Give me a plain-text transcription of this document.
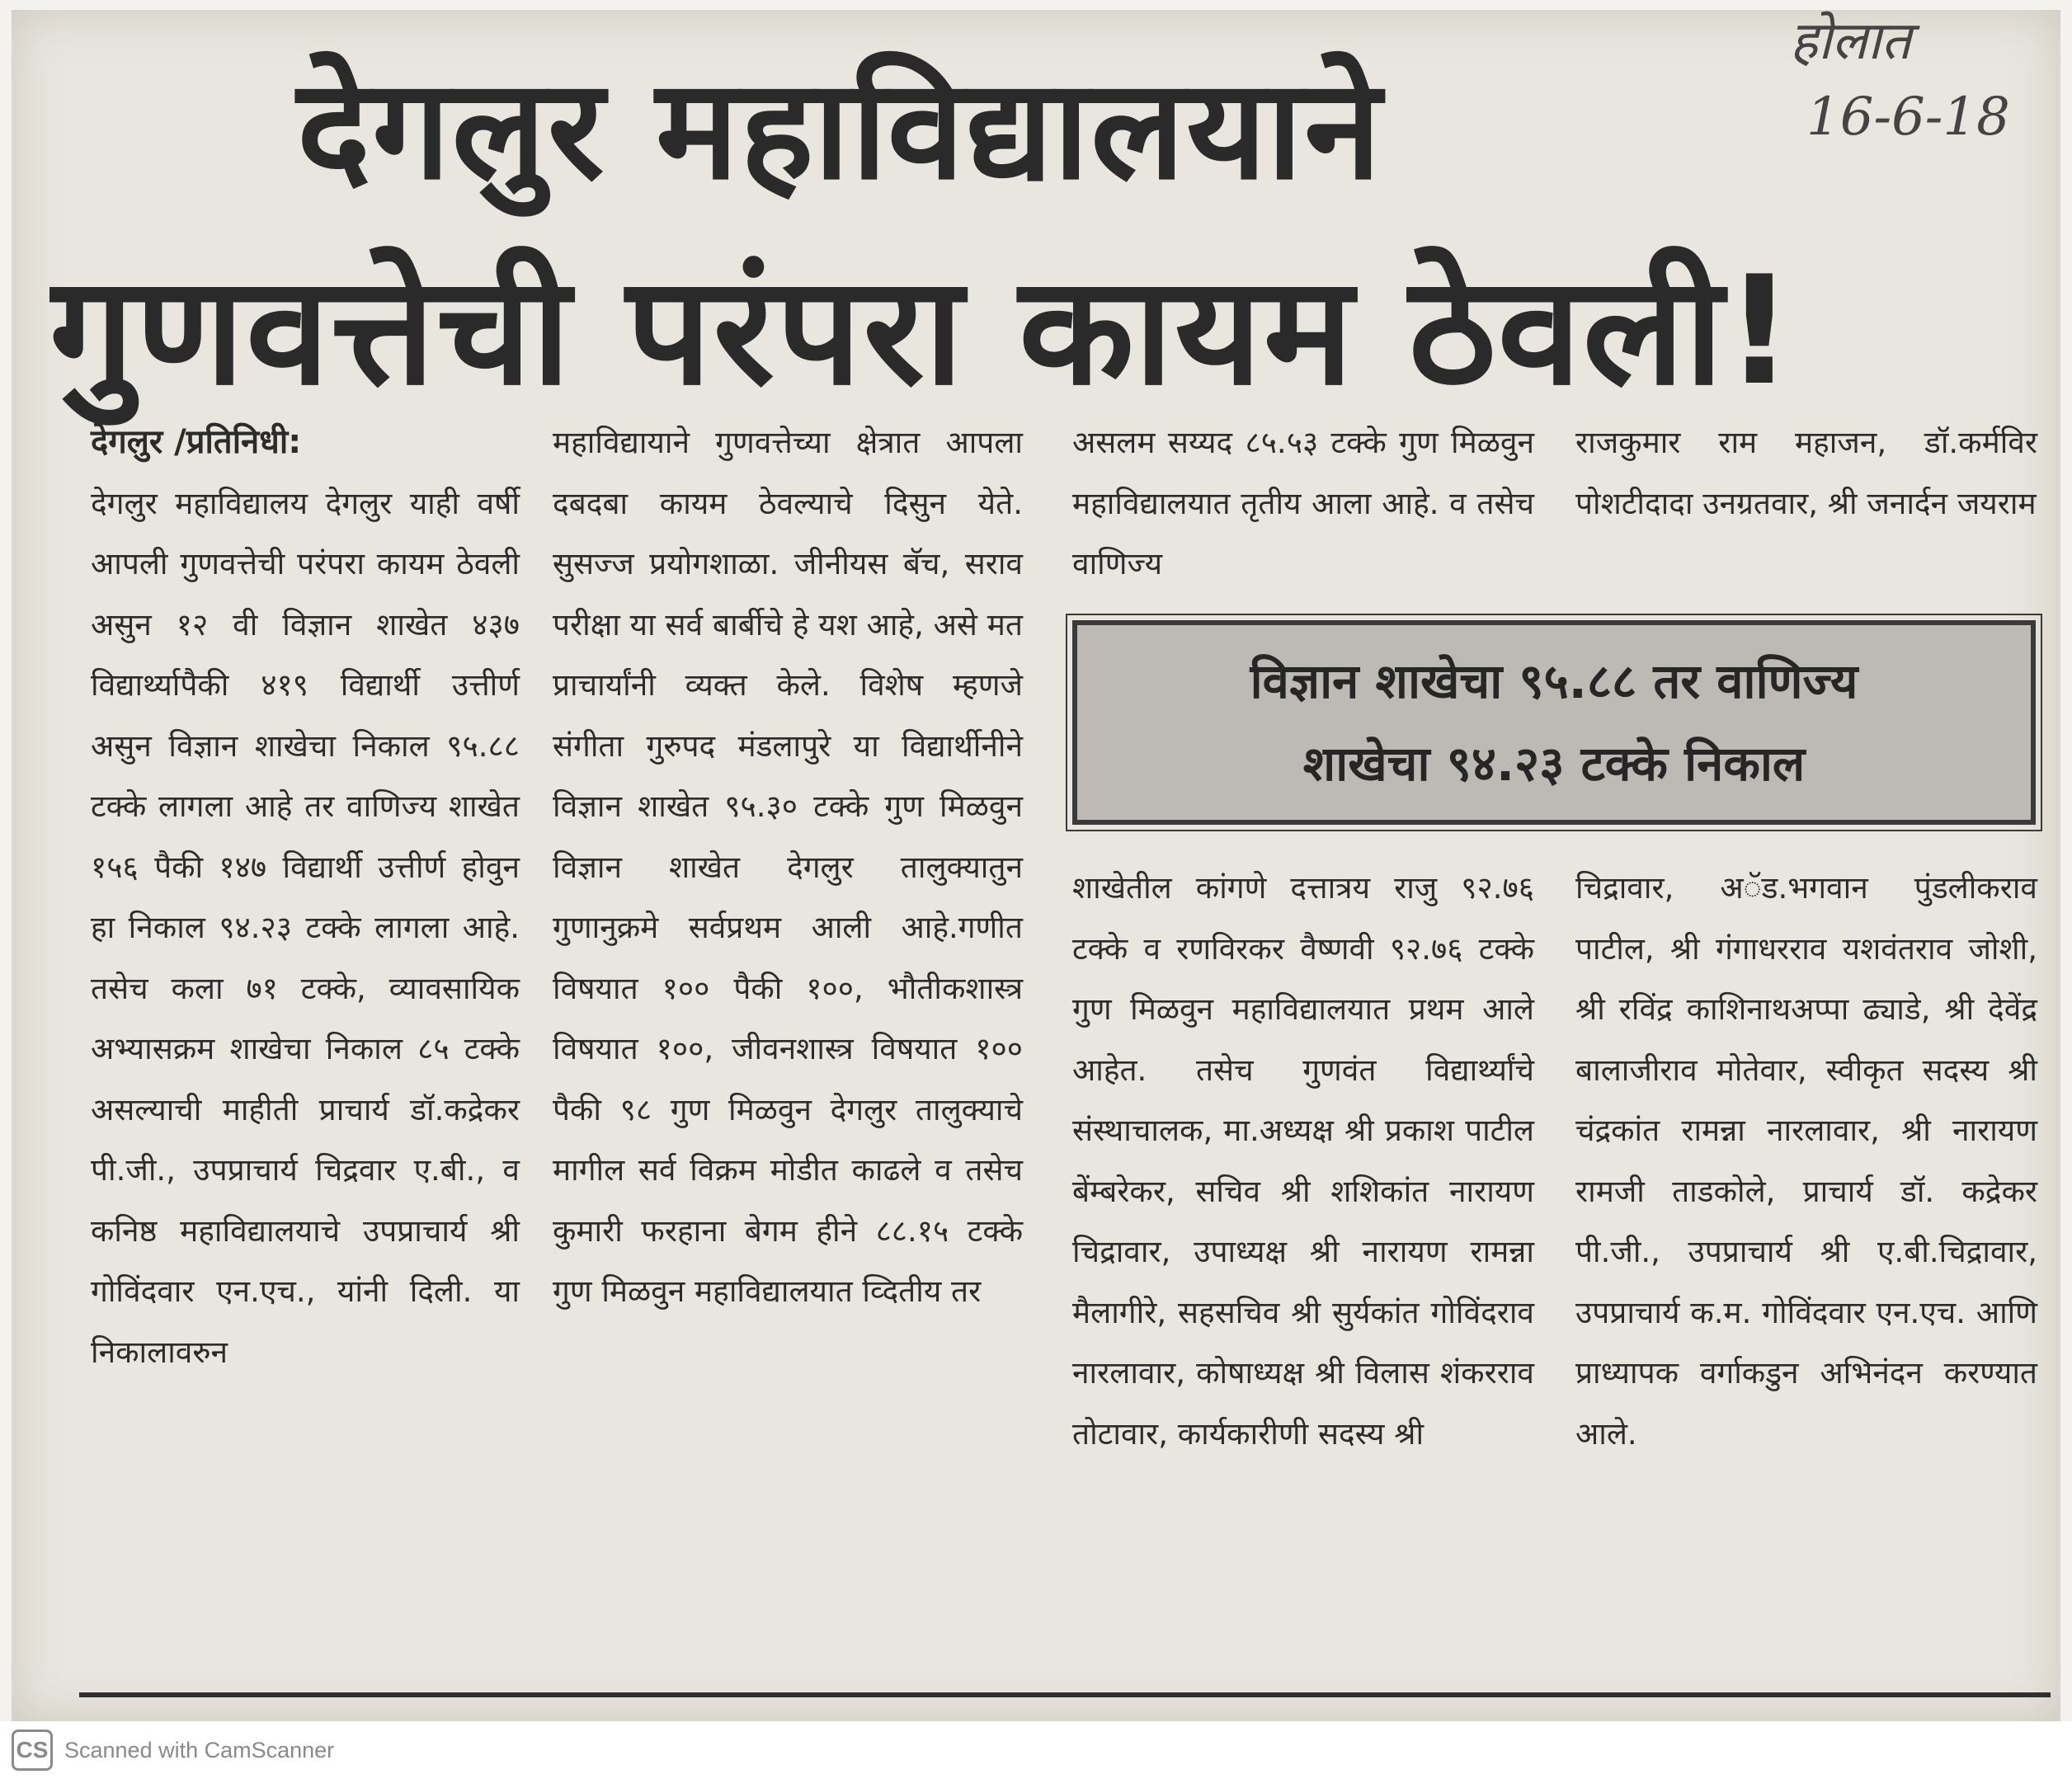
होलात
16-6-18
देगलुर महाविद्यालयाने
गुणवत्तेची परंपरा कायम ठेवली!

देगलुर /प्रतिनिधी:

देगलुर महाविद्यालय देगलुर याही वर्षी आपली गुणवत्तेची परंपरा कायम ठेवली असुन १२ वी विज्ञान शाखेत ४३७ विद्यार्थ्यापैकी ४१९ विद्यार्थी उत्तीर्ण असुन विज्ञान शाखेचा निकाल ९५.८८ टक्के लागला आहे तर वाणिज्य शाखेत १५६ पैकी १४७ विद्यार्थी उत्तीर्ण होवुन हा निकाल ९४.२३ टक्के लागला आहे. तसेच कला ७१ टक्के, व्यावसायिक अभ्यासक्रम शाखेचा निकाल ८५ टक्के असल्याची माहीती प्राचार्य डॉ.कद्रेकर पी.जी., उपप्राचार्य चिद्रवार ए.बी., व कनिष्ठ महाविद्यालयाचे उपप्राचार्य श्री गोविंदवार एन.एच., यांनी दिली. या निकालावरुन

महाविद्यायाने गुणवत्तेच्या क्षेत्रात आपला दबदबा कायम ठेवल्याचे दिसुन येते. सुसज्ज प्रयोगशाळा. जीनीयस बॅच, सराव परीक्षा या सर्व बार्बीचे हे यश आहे, असे मत प्राचार्यांनी व्यक्त केले. विशेष म्हणजे संगीता गुरुपद मंडलापुरे या विद्यार्थीनीने विज्ञान शाखेत ९५.३० टक्के गुण मिळवुन विज्ञान शाखेत देगलुर तालुक्यातुन गुणानुक्रमे सर्वप्रथम आली आहे.गणीत विषयात १०० पैकी १००, भौतीकशास्त्र विषयात १००, जीवनशास्त्र विषयात १०० पैकी ९८ गुण मिळवुन देगलुर तालुक्याचे मागील सर्व विक्रम मोडीत काढले व तसेच कुमारी फरहाना बेगम हीने ८८.१५ टक्के गुण मिळवुन महाविद्यालयात व्दितीय तर

असलम सय्यद ८५.५३ टक्के गुण मिळवुन महाविद्यालयात तृतीय आला आहे. व तसेच वाणिज्य

राजकुमार राम महाजन, डॉ.कर्मविर पोशटीदादा उनग्रतवार, श्री जनार्दन जयराम

विज्ञान शाखेचा ९५.८८ तर वाणिज्य
शाखेचा ९४.२३ टक्के निकाल

शाखेतील कांगणे दत्तात्रय राजु ९२.७६ टक्के व रणविरकर वैष्णवी ९२.७६ टक्के गुण मिळवुन महाविद्यालयात प्रथम आले आहेत. तसेच गुणवंत विद्यार्थ्यांचे संस्थाचालक, मा.अध्यक्ष श्री प्रकाश पाटील बेंम्बरेकर, सचिव श्री शशिकांत नारायण चिद्रावार, उपाध्यक्ष श्री नारायण रामन्ना मैलागीरे, सहसचिव श्री सुर्यकांत गोविंदराव नारलावार, कोषाध्यक्ष श्री विलास शंकरराव तोटावार, कार्यकारीणी सदस्य श्री

चिद्रावार, अॅड.भगवान पुंडलीकराव पाटील, श्री गंगाधरराव यशवंतराव जोशी, श्री रविंद्र काशिनाथअप्पा ढ्याडे, श्री देवेंद्र बालाजीराव मोतेवार, स्वीकृत सदस्य श्री चंद्रकांत रामन्ना नारलावार, श्री नारायण रामजी ताडकोले, प्राचार्य डॉ. कद्रेकर पी.जी., उपप्राचार्य श्री ए.बी.चिद्रावार, उपप्राचार्य क.म. गोविंदवार एन.एच. आणि प्राध्यापक वर्गाकडुन अभिनंदन करण्यात आले.

CS Scanned with CamScanner
